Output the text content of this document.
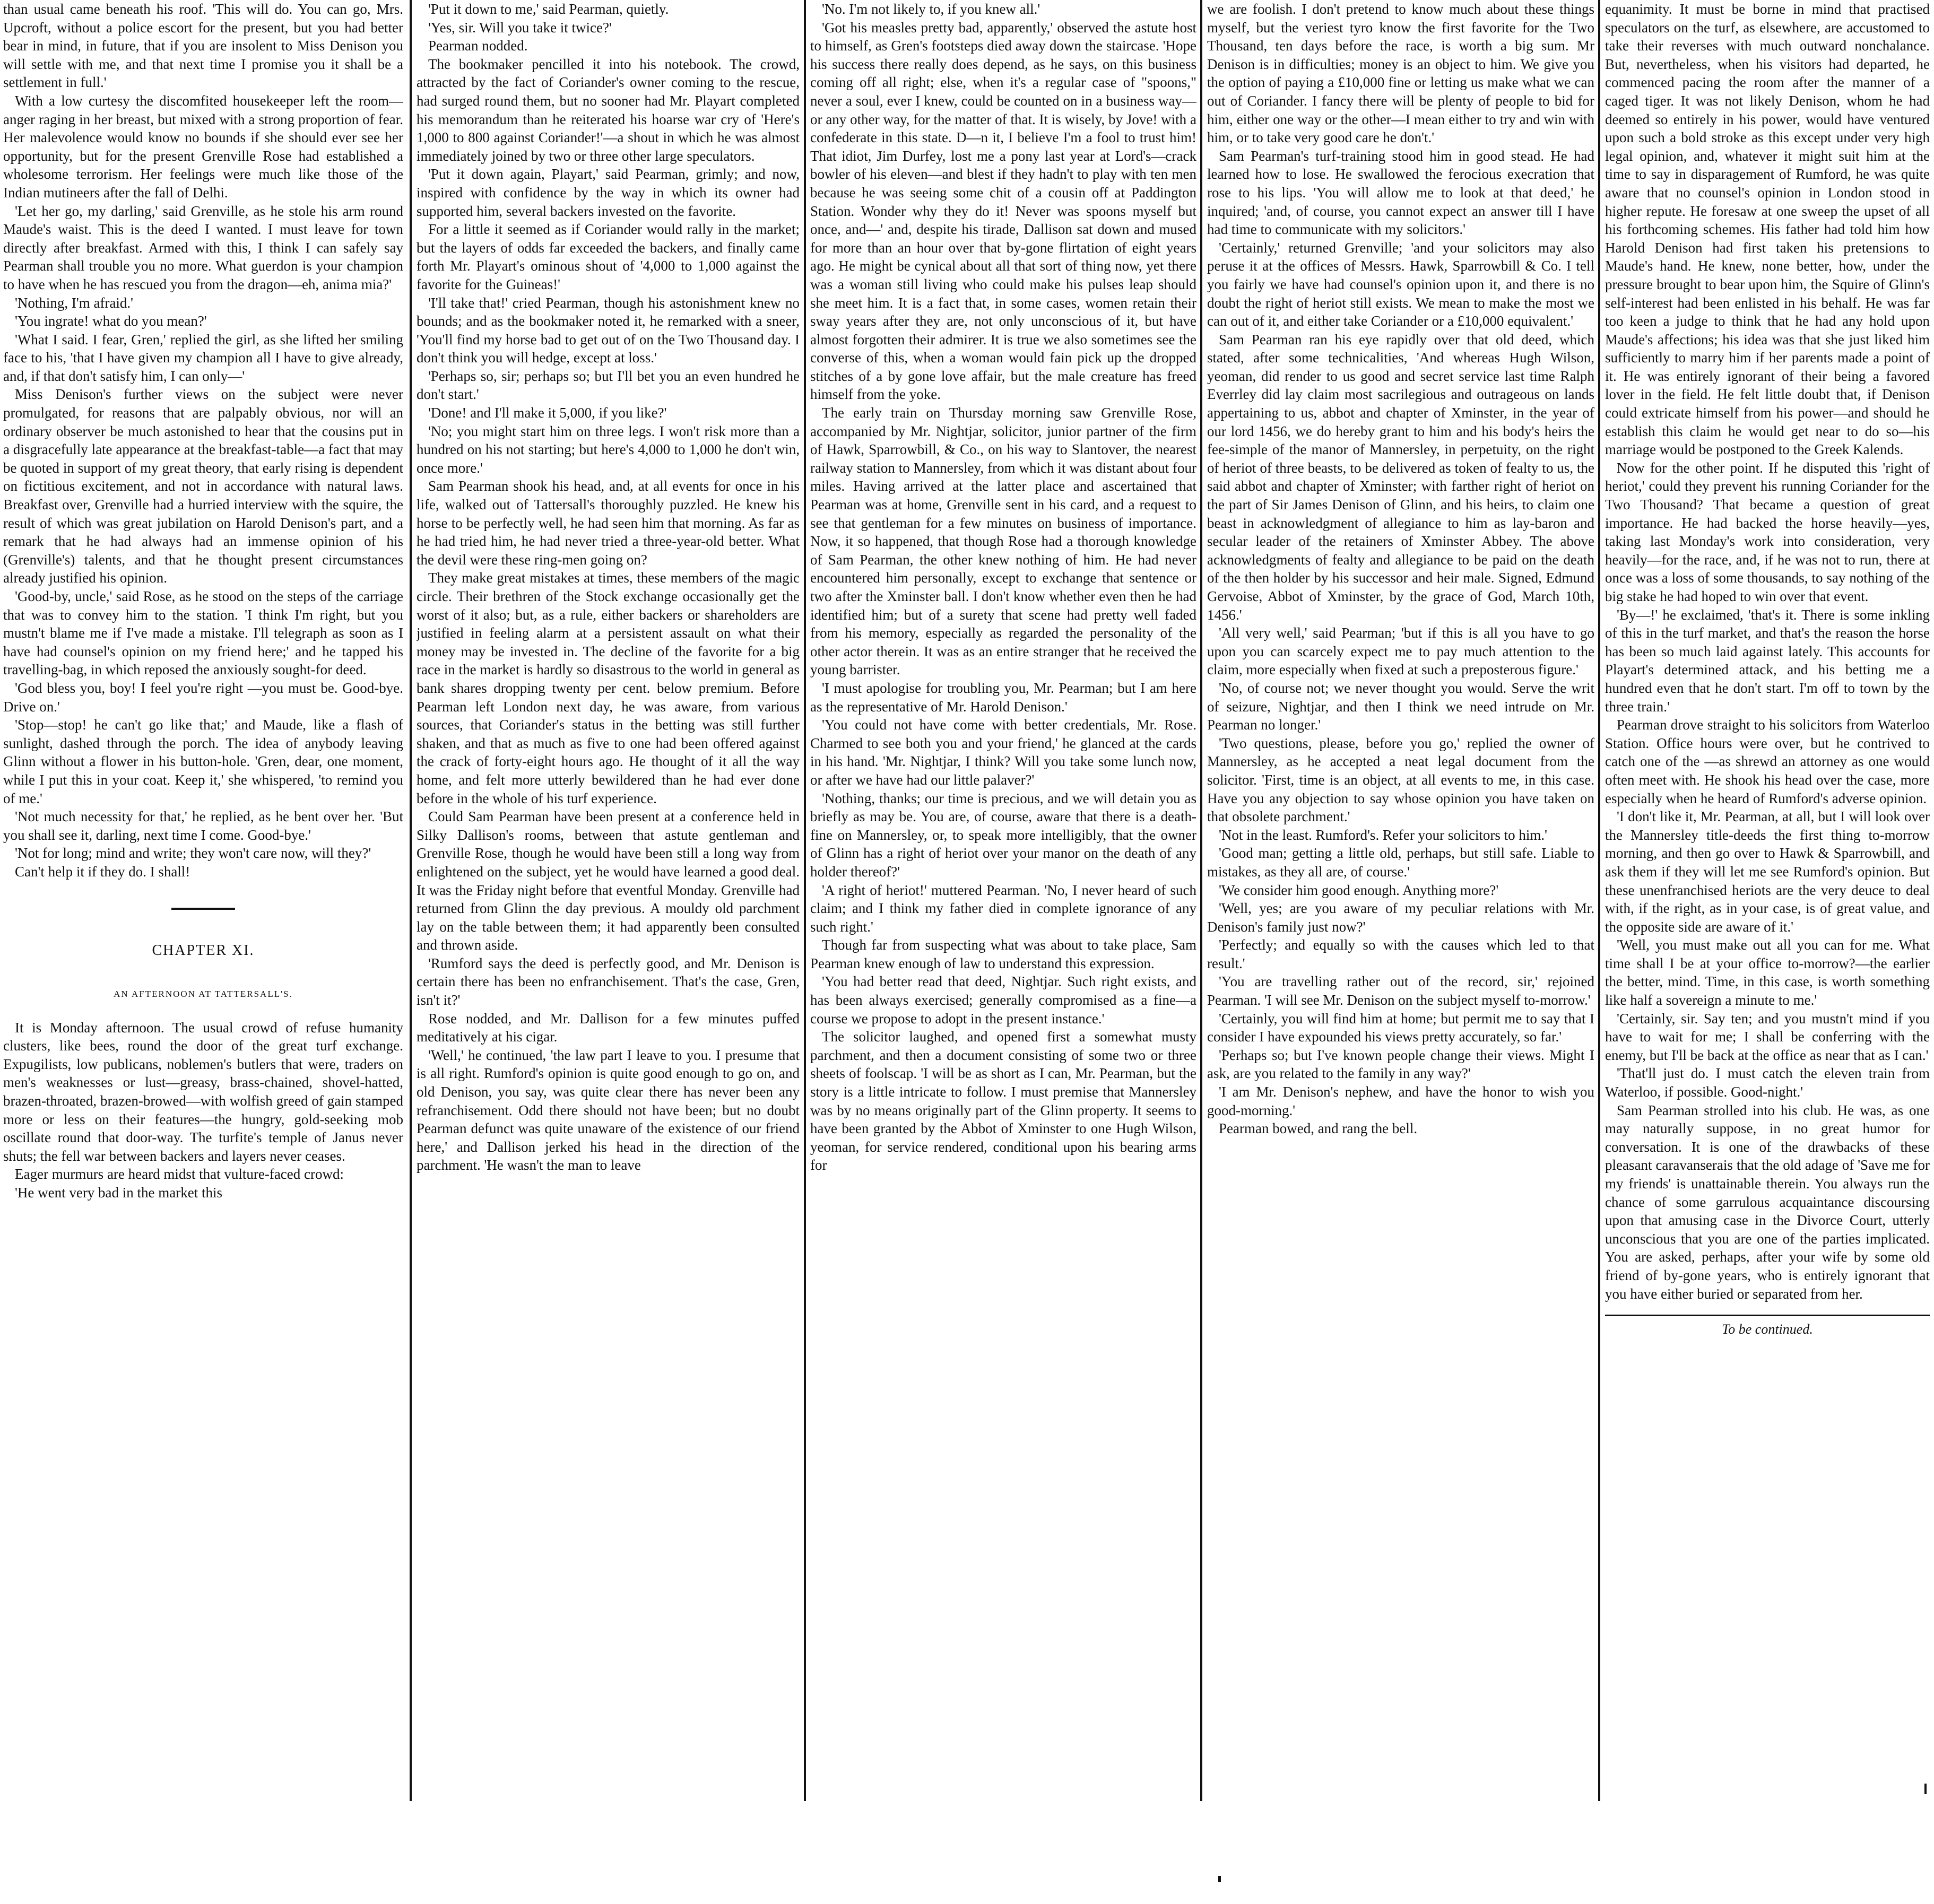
than usual came beneath his roof. 'This will do. You can go, Mrs. Upcroft, without a police escort for the present, but you had better bear in mind, in future, that if you are insolent to Miss Denison you will settle with me, and that next time I promise you it shall be a settlement in full.'

With a low curtesy the discomfited housekeeper left the room—anger raging in her breast, but mixed with a strong proportion of fear. Her malevolence would know no bounds if she should ever see her opportunity, but for the present Grenville Rose had established a wholesome terrorism. Her feelings were much like those of the Indian mutineers after the fall of Delhi.

'Let her go, my darling,' said Grenville, as he stole his arm round Maude's waist. This is the deed I wanted. I must leave for town directly after breakfast. Armed with this, I think I can safely say Pearman shall trouble you no more. What guerdon is your champion to have when he has rescued you from the dragon—eh, anima mia?'

'Nothing, I'm afraid.'

'You ingrate! what do you mean?'

'What I said. I fear, Gren,' replied the girl, as she lifted her smiling face to his, 'that I have given my champion all I have to give already, and, if that don't satisfy him, I can only—'

Miss Denison's further views on the subject were never promulgated, for reasons that are palpably obvious, nor will an ordinary observer be much astonished to hear that the cousins put in a disgracefully late appearance at the breakfast-table—a fact that may be quoted in support of my great theory, that early rising is dependent on fictitious excitement, and not in accordance with natural laws. Breakfast over, Grenville had a hurried interview with the squire, the result of which was great jubilation on Harold Denison's part, and a remark that he had always had an immense opinion of his (Grenville's) talents, and that he thought present circumstances already justified his opinion.

'Good-by, uncle,' said Rose, as he stood on the steps of the carriage that was to convey him to the station. 'I think I'm right, but you mustn't blame me if I've made a mistake. I'll telegraph as soon as I have had counsel's opinion on my friend here;' and he tapped his travelling-bag, in which reposed the anxiously sought-for deed.

'God bless you, boy! I feel you're right —you must be. Good-bye. Drive on.'

'Stop—stop! he can't go like that;' and Maude, like a flash of sunlight, dashed through the porch. The idea of anybody leaving Glinn without a flower in his button-hole. 'Gren, dear, one moment, while I put this in your coat. Keep it,' she whispered, 'to remind you of me.'

'Not much necessity for that,' he replied, as he bent over her. 'But you shall see it, darling, next time I come. Good-bye.'

'Not for long; mind and write; they won't care now, will they?'

Can't help it if they do. I shall!

CHAPTER XI.
AN AFTERNOON AT TATTERSALL'S.

It is Monday afternoon. The usual crowd of refuse humanity clusters, like bees, round the door of the great turf exchange. Expugilists, low publicans, noblemen's butlers that were, traders on men's weaknesses or lust—greasy, brass-chained, shovel-hatted, brazen-throated, brazen-browed—with wolfish greed of gain stamped more or less on their features—the hungry, gold-seeking mob oscillate round that door-way. The turfite's temple of Janus never shuts; the fell war between backers and layers never ceases.

Eager murmurs are heard midst that vulture-faced crowd:

'He went very bad in the market this

'Put it down to me,' said Pearman, quietly.

'Yes, sir. Will you take it twice?'

Pearman nodded.

The bookmaker pencilled it into his notebook. The crowd, attracted by the fact of Coriander's owner coming to the rescue, had surged round them, but no sooner had Mr. Playart completed his memorandum than he reiterated his hoarse war cry of 'Here's 1,000 to 800 against Coriander!'—a shout in which he was almost immediately joined by two or three other large speculators.

'Put it down again, Playart,' said Pearman, grimly; and now, inspired with confidence by the way in which its owner had supported him, several backers invested on the favorite.

For a little it seemed as if Coriander would rally in the market; but the layers of odds far exceeded the backers, and finally came forth Mr. Playart's ominous shout of '4,000 to 1,000 against the favorite for the Guineas!'

'I'll take that!' cried Pearman, though his astonishment knew no bounds; and as the bookmaker noted it, he remarked with a sneer, 'You'll find my horse bad to get out of on the Two Thousand day. I don't think you will hedge, except at loss.'

'Perhaps so, sir; perhaps so; but I'll bet you an even hundred he don't start.'

'Done! and I'll make it 5,000, if you like?'

'No; you might start him on three legs. I won't risk more than a hundred on his not starting; but here's 4,000 to 1,000 he don't win, once more.'

Sam Pearman shook his head, and, at all events for once in his life, walked out of Tattersall's thoroughly puzzled. He knew his horse to be perfectly well, he had seen him that morning. As far as he had tried him, he had never tried a three-year-old better. What the devil were these ring-men going on?

They make great mistakes at times, these members of the magic circle. Their brethren of the Stock exchange occasionally get the worst of it also; but, as a rule, either backers or shareholders are justified in feeling alarm at a persistent assault on what their money may be invested in. The decline of the favorite for a big race in the market is hardly so disastrous to the world in general as bank shares dropping twenty per cent. below premium. Before Pearman left London next day, he was aware, from various sources, that Coriander's status in the betting was still further shaken, and that as much as five to one had been offered against the crack of forty-eight hours ago. He thought of it all the way home, and felt more utterly bewildered than he had ever done before in the whole of his turf experience.

Could Sam Pearman have been present at a conference held in Silky Dallison's rooms, between that astute gentleman and Grenville Rose, though he would have been still a long way from enlightened on the subject, yet he would have learned a good deal. It was the Friday night before that eventful Monday. Grenville had returned from Glinn the day previous. A mouldy old parchment lay on the table between them; it had apparently been consulted and thrown aside.

'Rumford says the deed is perfectly good, and Mr. Denison is certain there has been no enfranchisement. That's the case, Gren, isn't it?'

Rose nodded, and Mr. Dallison for a few minutes puffed meditatively at his cigar.

'Well,' he continued, 'the law part I leave to you. I presume that is all right. Rumford's opinion is quite good enough to go on, and old Denison, you say, was quite clear there has never been any refranchisement. Odd there should not have been; but no doubt Pearman defunct was quite unaware of the existence of our friend here,' and Dallison jerked his head in the direction of the parchment. 'He wasn't the man to leave

'No. I'm not likely to, if you knew all.'

'Got his measles pretty bad, apparently,' observed the astute host to himself, as Gren's footsteps died away down the staircase. 'Hope his success there really does depend, as he says, on this business coming off all right; else, when it's a regular case of "spoons," never a soul, ever I knew, could be counted on in a business way—or any other way, for the matter of that. It is wisely, by Jove! with a confederate in this state. D—n it, I believe I'm a fool to trust him! That idiot, Jim Durfey, lost me a pony last year at Lord's—crack bowler of his eleven—and blest if they hadn't to play with ten men because he was seeing some chit of a cousin off at Paddington Station. Wonder why they do it! Never was spoons myself but once, and—' and, despite his tirade, Dallison sat down and mused for more than an hour over that by-gone flirtation of eight years ago. He might be cynical about all that sort of thing now, yet there was a woman still living who could make his pulses leap should she meet him. It is a fact that, in some cases, women retain their sway years after they are, not only unconscious of it, but have almost forgotten their admirer. It is true we also sometimes see the converse of this, when a woman would fain pick up the dropped stitches of a by gone love affair, but the male creature has freed himself from the yoke.

The early train on Thursday morning saw Grenville Rose, accompanied by Mr. Nightjar, solicitor, junior partner of the firm of Hawk, Sparrowbill, & Co., on his way to Slantover, the nearest railway station to Mannersley, from which it was distant about four miles. Having arrived at the latter place and ascertained that Pearman was at home, Grenville sent in his card, and a request to see that gentleman for a few minutes on business of importance. Now, it so happened, that though Rose had a thorough knowledge of Sam Pearman, the other knew nothing of him. He had never encountered him personally, except to exchange that sentence or two after the Xminster ball. I don't know whether even then he had identified him; but of a surety that scene had pretty well faded from his memory, especially as regarded the personality of the other actor therein. It was as an entire stranger that he received the young barrister.

'I must apologise for troubling you, Mr. Pearman; but I am here as the representative of Mr. Harold Denison.'

'You could not have come with better credentials, Mr. Rose. Charmed to see both you and your friend,' he glanced at the cards in his hand. 'Mr. Nightjar, I think? Will you take some lunch now, or after we have had our little palaver?'

'Nothing, thanks; our time is precious, and we will detain you as briefly as may be. You are, of course, aware that there is a death-fine on Mannersley, or, to speak more intelligibly, that the owner of Glinn has a right of heriot over your manor on the death of any holder thereof?'

'A right of heriot!' muttered Pearman. 'No, I never heard of such claim; and I think my father died in complete ignorance of any such right.'

Though far from suspecting what was about to take place, Sam Pearman knew enough of law to understand this expression.

'You had better read that deed, Nightjar. Such right exists, and has been always exercised; generally compromised as a fine—a course we propose to adopt in the present instance.'

The solicitor laughed, and opened first a somewhat musty parchment, and then a document consisting of some two or three sheets of foolscap. 'I will be as short as I can, Mr. Pearman, but the story is a little intricate to follow. I must premise that Mannersley was by no means originally part of the Glinn property. It seems to have been granted by the Abbot of Xminster to one Hugh Wilson, yeoman, for service rendered, conditional upon his bearing arms for

we are foolish. I don't pretend to know much about these things myself, but the veriest tyro know the first favorite for the Two Thousand, ten days before the race, is worth a big sum. Mr Denison is in difficulties; money is an object to him. We give you the option of paying a £10,000 fine or letting us make what we can out of Coriander. I fancy there will be plenty of people to bid for him, either one way or the other—I mean either to try and win with him, or to take very good care he don't.'

Sam Pearman's turf-training stood him in good stead. He had learned how to lose. He swallowed the ferocious execration that rose to his lips. 'You will allow me to look at that deed,' he inquired; 'and, of course, you cannot expect an answer till I have had time to communicate with my solicitors.'

'Certainly,' returned Grenville; 'and your solicitors may also peruse it at the offices of Messrs. Hawk, Sparrowbill & Co. I tell you fairly we have had counsel's opinion upon it, and there is no doubt the right of heriot still exists. We mean to make the most we can out of it, and either take Coriander or a £10,000 equivalent.'

Sam Pearman ran his eye rapidly over that old deed, which stated, after some technicalities, 'And whereas Hugh Wilson, yeoman, did render to us good and secret service last time Ralph Everrley did lay claim most sacrilegious and outrageous on lands appertaining to us, abbot and chapter of Xminster, in the year of our lord 1456, we do hereby grant to him and his body's heirs the fee-simple of the manor of Mannersley, in perpetuity, on the right of heriot of three beasts, to be delivered as token of fealty to us, the said abbot and chapter of Xminster; with farther right of heriot on the part of Sir James Denison of Glinn, and his heirs, to claim one beast in acknowledgment of allegiance to him as lay-baron and secular leader of the retainers of Xminster Abbey. The above acknowledgments of fealty and allegiance to be paid on the death of the then holder by his successor and heir male. Signed, Edmund Gervoise, Abbot of Xminster, by the grace of God, March 10th, 1456.'

'All very well,' said Pearman; 'but if this is all you have to go upon you can scarcely expect me to pay much attention to the claim, more especially when fixed at such a preposterous figure.'

'No, of course not; we never thought you would. Serve the writ of seizure, Nightjar, and then I think we need intrude on Mr. Pearman no longer.'

'Two questions, please, before you go,' replied the owner of Mannersley, as he accepted a neat legal document from the solicitor. 'First, time is an object, at all events to me, in this case. Have you any objection to say whose opinion you have taken on that obsolete parchment.'

'Not in the least. Rumford's. Refer your solicitors to him.'

'Good man; getting a little old, perhaps, but still safe. Liable to mistakes, as they all are, of course.'

'We consider him good enough. Anything more?'

'Well, yes; are you aware of my peculiar relations with Mr. Denison's family just now?'

'Perfectly; and equally so with the causes which led to that result.'

'You are travelling rather out of the record, sir,' rejoined Pearman. 'I will see Mr. Denison on the subject myself to-morrow.'

'Certainly, you will find him at home; but permit me to say that I consider I have expounded his views pretty accurately, so far.'

'Perhaps so; but I've known people change their views. Might I ask, are you related to the family in any way?'

'I am Mr. Denison's nephew, and have the honor to wish you good-morning.'

Pearman bowed, and rang the bell.

equanimity. It must be borne in mind that practised speculators on the turf, as elsewhere, are accustomed to take their reverses with much outward nonchalance. But, nevertheless, when his visitors had departed, he commenced pacing the room after the manner of a caged tiger. It was not likely Denison, whom he had deemed so entirely in his power, would have ventured upon such a bold stroke as this except under very high legal opinion, and, whatever it might suit him at the time to say in disparagement of Rumford, he was quite aware that no counsel's opinion in London stood in higher repute. He foresaw at one sweep the upset of all his forthcoming schemes. His father had told him how Harold Denison had first taken his pretensions to Maude's hand. He knew, none better, how, under the pressure brought to bear upon him, the Squire of Glinn's self-interest had been enlisted in his behalf. He was far too keen a judge to think that he had any hold upon Maude's affections; his idea was that she just liked him sufficiently to marry him if her parents made a point of it. He was entirely ignorant of their being a favored lover in the field. He felt little doubt that, if Denison could extricate himself from his power—and should he establish this claim he would get near to do so—his marriage would be postponed to the Greek Kalends.

Now for the other point. If he disputed this 'right of heriot,' could they prevent his running Coriander for the Two Thousand? That became a question of great importance. He had backed the horse heavily—yes, taking last Monday's work into consideration, very heavily—for the race, and, if he was not to run, there at once was a loss of some thousands, to say nothing of the big stake he had hoped to win over that event.

'By—!' he exclaimed, 'that's it. There is some inkling of this in the turf market, and that's the reason the horse has been so much laid against lately. This accounts for Playart's determined attack, and his betting me a hundred even that he don't start. I'm off to town by the three train.'

Pearman drove straight to his solicitors from Waterloo Station. Office hours were over, but he contrived to catch one of the —as shrewd an attorney as one would often meet with. He shook his head over the case, more especially when he heard of Rumford's adverse opinion.

'I don't like it, Mr. Pearman, at all, but I will look over the Mannersley title-deeds the first thing to-morrow morning, and then go over to Hawk & Sparrowbill, and ask them if they will let me see Rumford's opinion. But these unenfranchised heriots are the very deuce to deal with, if the right, as in your case, is of great value, and the opposite side are aware of it.'

'Well, you must make out all you can for me. What time shall I be at your office to-morrow?—the earlier the better, mind. Time, in this case, is worth something like half a sovereign a minute to me.'

'Certainly, sir. Say ten; and you mustn't mind if you have to wait for me; I shall be conferring with the enemy, but I'll be back at the office as near that as I can.'

'That'll just do. I must catch the eleven train from Waterloo, if possible. Good-night.'

Sam Pearman strolled into his club. He was, as one may naturally suppose, in no great humor for conversation. It is one of the drawbacks of these pleasant caravanserais that the old adage of 'Save me for my friends' is unattainable therein. You always run the chance of some garrulous acquaintance discoursing upon that amusing case in the Divorce Court, utterly unconscious that you are one of the parties implicated. You are asked, perhaps, after your wife by some old friend of by-gone years, who is entirely ignorant that you have either buried or separated from her.

To be continued.
